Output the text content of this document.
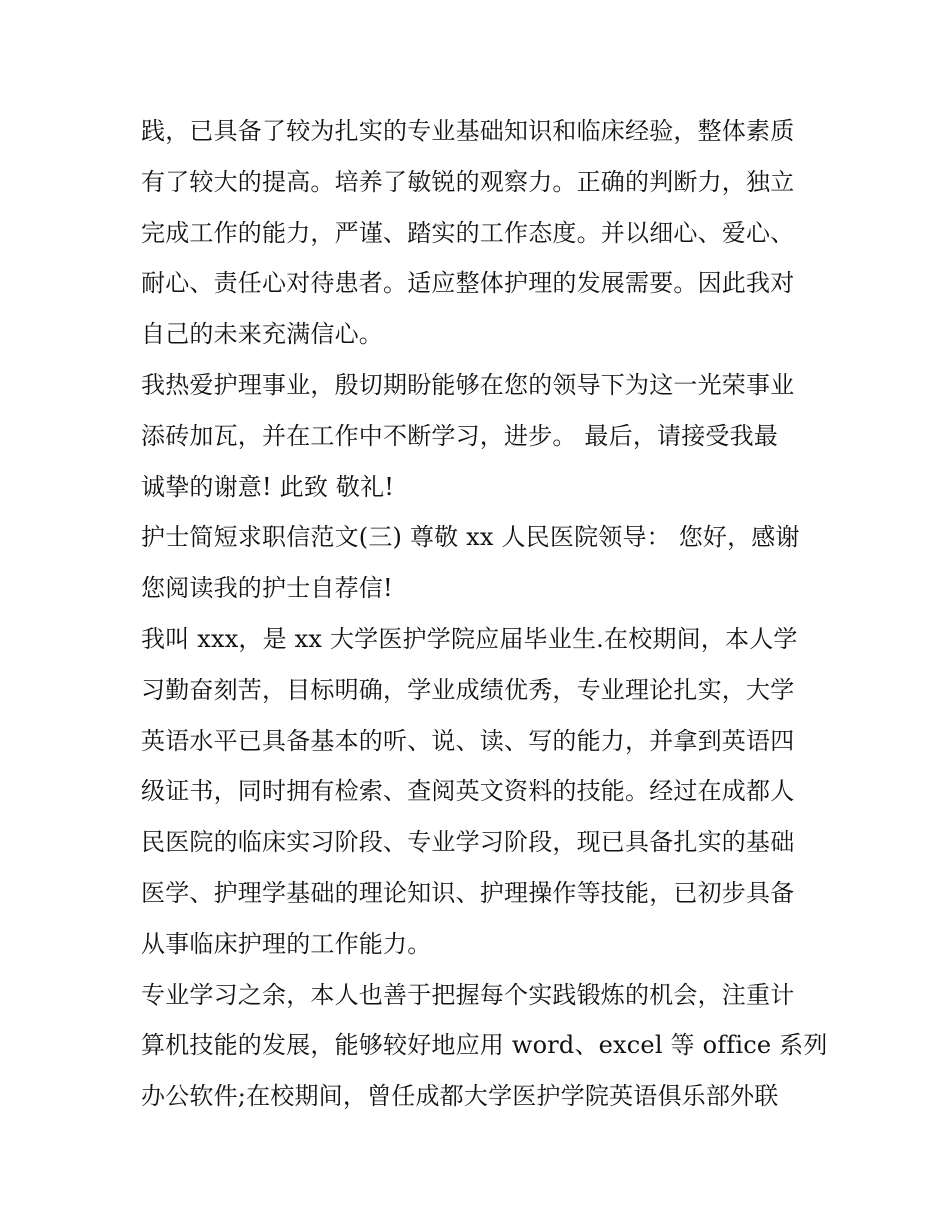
践，已具备了较为扎实的专业基础知识和临床经验，整体素质
有了较大的提高。培养了敏锐的观察力。正确的判断力，独立
完成工作的能力，严谨、踏实的工作态度。并以细心、爱心、
耐心、责任心对待患者。适应整体护理的发展需要。因此我对
自己的未来充满信心。
我热爱护理事业，殷切期盼能够在您的领导下为这一光荣事业
添砖加瓦，并在工作中不断学习，进步。 最后，请接受我最
诚挚的谢意! 此致 敬礼!
护士简短求职信范文(三) 尊敬 xx 人民医院领导： 您好，感谢
您阅读我的护士自荐信!
我叫 xxx，是 xx 大学医护学院应届毕业生.在校期间，本人学
习勤奋刻苦，目标明确，学业成绩优秀，专业理论扎实，大学
英语水平已具备基本的听、说、读、写的能力，并拿到英语四
级证书，同时拥有检索、查阅英文资料的技能。经过在成都人
民医院的临床实习阶段、专业学习阶段，现已具备扎实的基础
医学、护理学基础的理论知识、护理操作等技能，已初步具备
从事临床护理的工作能力。
专业学习之余，本人也善于把握每个实践锻炼的机会，注重计
算机技能的发展，能够较好地应用 word、excel 等 office 系列
办公软件;在校期间，曾任成都大学医护学院英语俱乐部外联
